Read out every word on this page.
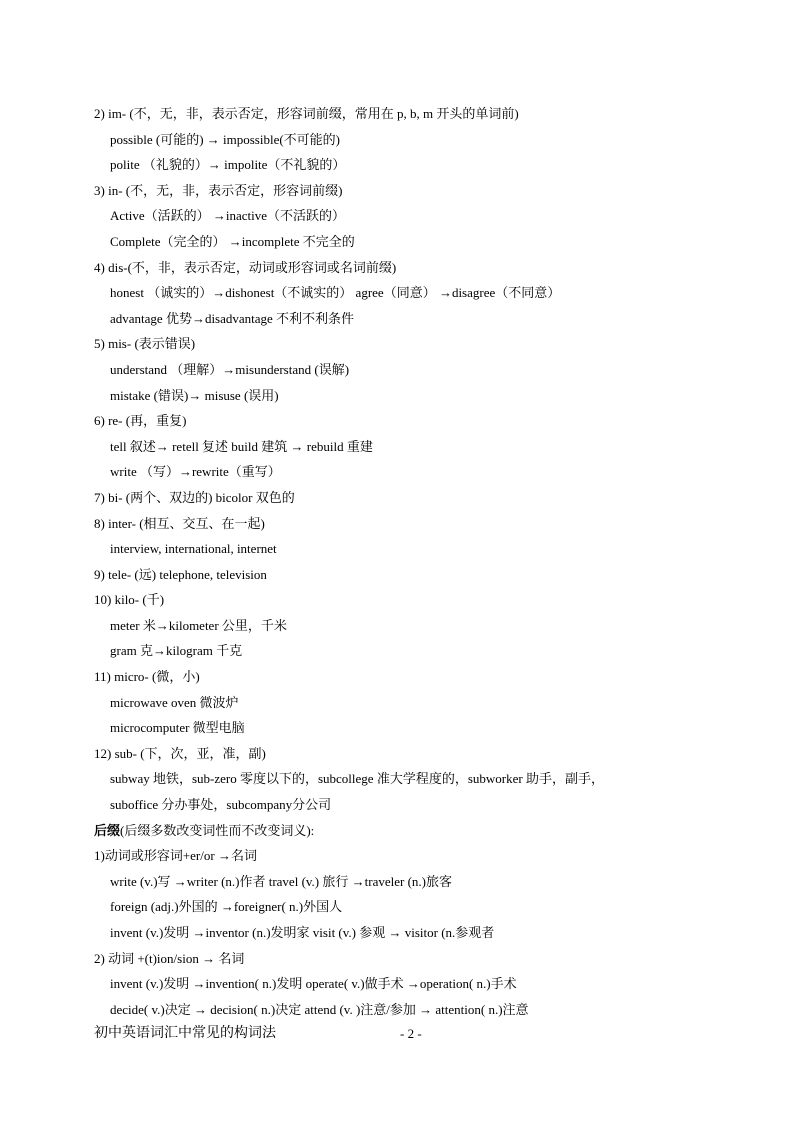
2) im- (不，无，非，表示否定，形容词前缀，常用在 p, b, m 开头的单词前)
possible (可能的) → impossible(不可能的)
polite （礼貌的）→ impolite（不礼貌的）
3) in- (不，无，非，表示否定，形容词前缀)
Active（活跃的） →inactive（不活跃的）
Complete（完全的） →incomplete 不完全的
4) dis-(不，非，表示否定，动词或形容词或名词前缀)
honest （诚实的）→dishonest（不诚实的） agree（同意） →disagree（不同意）
advantage 优势→disadvantage 不利不利条件
5) mis- (表示错误)
understand （理解）→misunderstand (误解)
mistake (错误)→ misuse (误用)
6) re- (再，重复)
tell 叙述→ retell 复述 build 建筑 → rebuild 重建
write （写）→rewrite（重写）
7) bi- (两个、双边的) bicolor 双色的
8) inter- (相互、交互、在一起)
interview, international, internet
9) tele- (远) telephone, television
10) kilo- (千)
meter 米→kilometer 公里，千米
gram 克→kilogram 千克
11) micro- (微，小)
microwave oven 微波炉
microcomputer 微型电脑
12) sub- (下，次，亚，准，副)
subway 地铁，sub-zero 零度以下的，subcollege 准大学程度的，subworker 助手，副手，
suboffice 分办事处，subcompany分公司
后缀(后缀多数改变词性而不改变词义):
1)动词或形容词+er/or →名词
write (v.)写 →writer (n.)作者 travel (v.) 旅行 →traveler (n.)旅客
foreign (adj.)外国的 →foreigner( n.)外国人
invent (v.)发明 →inventor (n.)发明家 visit (v.) 参观 → visitor (n.参观者
2) 动词 +(t)ion/sion → 名词
invent (v.)发明 →invention( n.)发明 operate( v.)做手术 →operation( n.)手术
decide( v.)决定 → decision( n.)决定 attend (v. )注意/参加 → attention( n.)注意
初中英语词汇中常见的构词法	- 2 -
